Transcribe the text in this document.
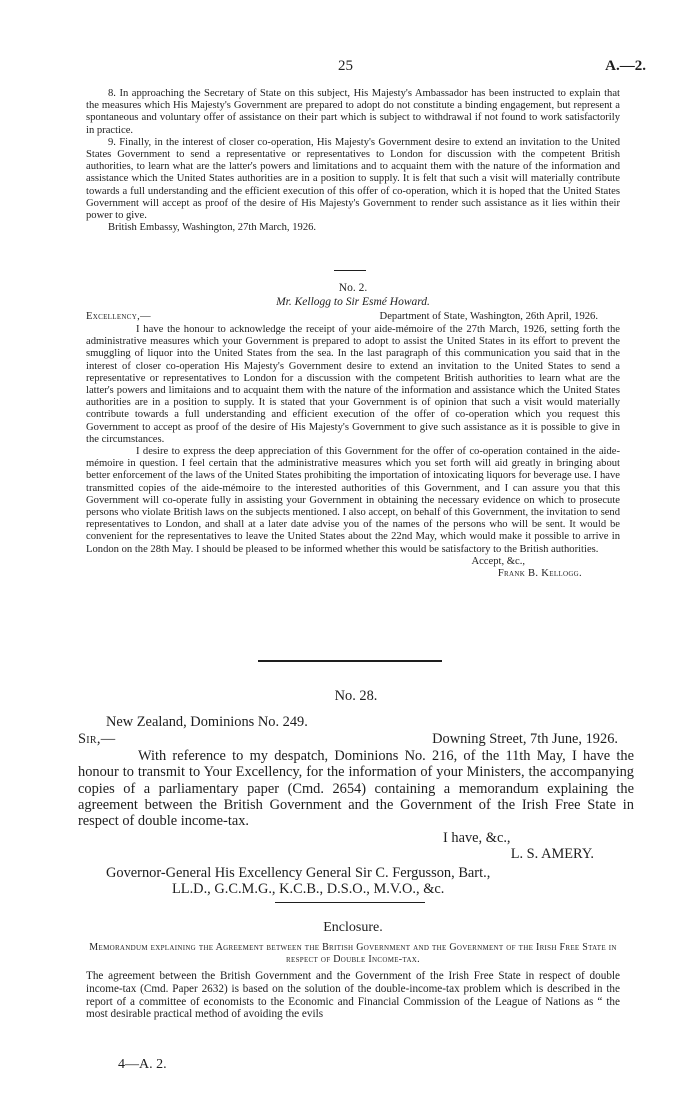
25	A.—2.

8. In approaching the Secretary of State on this subject, His Majesty's Ambassador has been instructed to explain that the measures which His Majesty's Government are prepared to adopt do not constitute a binding engagement, but represent a spontaneous and voluntary offer of assistance on their part which is subject to withdrawal if not found to work satisfactorily in practice.

9. Finally, in the interest of closer co-operation, His Majesty's Government desire to extend an invitation to the United States Government to send a representative or representatives to London for discussion with the competent British authorities, to learn what are the latter's powers and limitations and to acquaint them with the nature of the information and assistance which the United States authorities are in a position to supply. It is felt that such a visit will materially contribute towards a full understanding and the efficient execution of this offer of co-operation, which it is hoped that the United States Government will accept as proof of the desire of His Majesty's Government to render such assistance as it lies within their power to give.

British Embassy, Washington, 27th March, 1926.

No. 2.

Mr. Kellogg to Sir Esmé Howard.

Excellency,—	Department of State, Washington, 26th April, 1926.

I have the honour to acknowledge the receipt of your aide-mémoire of the 27th March, 1926, setting forth the administrative measures which your Government is prepared to adopt to assist the United States in its effort to prevent the smuggling of liquor into the United States from the sea. In the last paragraph of this communication you said that in the interest of closer co-operation His Majesty's Government desire to extend an invitation to the United States to send a representative or representatives to London for a discussion with the competent British authorities to learn what are the latter's powers and limitaions and to acquaint them with the nature of the information and assistance which the United States authorities are in a position to supply. It is stated that your Government is of opinion that such a visit would materially contribute towards a full understanding and efficient execution of the offer of co-operation which you request this Government to accept as proof of the desire of His Majesty's Government to give such assistance as it is possible to give in the circumstances.

I desire to express the deep appreciation of this Government for the offer of co-operation contained in the aide-mémoire in question. I feel certain that the administrative measures which you set forth will aid greatly in bringing about better enforcement of the laws of the United States prohibiting the importation of intoxicating liquors for beverage use. I have transmitted copies of the aide-mémoire to the interested authorities of this Government, and I can assure you that this Government will co-operate fully in assisting your Government in obtaining the necessary evidence on which to prosecute persons who violate British laws on the subjects mentioned. I also accept, on behalf of this Government, the invitation to send representatives to London, and shall at a later date advise you of the names of the persons who will be sent. It would be convenient for the representatives to leave the United States about the 22nd May, which would make it possible to arrive in London on the 28th May. I should be pleased to be informed whether this would be satisfactory to the British authorities.

Accept, &c.,

Frank B. Kellogg.

No. 28.

New Zealand, Dominions No. 249.

Sir,—	Downing Street, 7th June, 1926.

With reference to my despatch, Dominions No. 216, of the 11th May, I have the honour to transmit to Your Excellency, for the information of your Ministers, the accompanying copies of a parliamentary paper (Cmd. 2654) containing a memorandum explaining the agreement between the British Government and the Government of the Irish Free State in respect of double income-tax.

I have, &c.,

L. S. AMERY.

Governor-General His Excellency General Sir C. Fergusson, Bart.,

LL.D., G.C.M.G., K.C.B., D.S.O., M.V.O., &c.

Enclosure.

Memorandum explaining the Agreement between the British Government and the Government of the Irish Free State in respect of Double Income-tax.

The agreement between the British Government and the Government of the Irish Free State in respect of double income-tax (Cmd. Paper 2632) is based on the solution of the double-income-tax problem which is described in the report of a committee of economists to the Economic and Financial Commission of the League of Nations as “ the most desirable practical method of avoiding the evils

4—A. 2.
